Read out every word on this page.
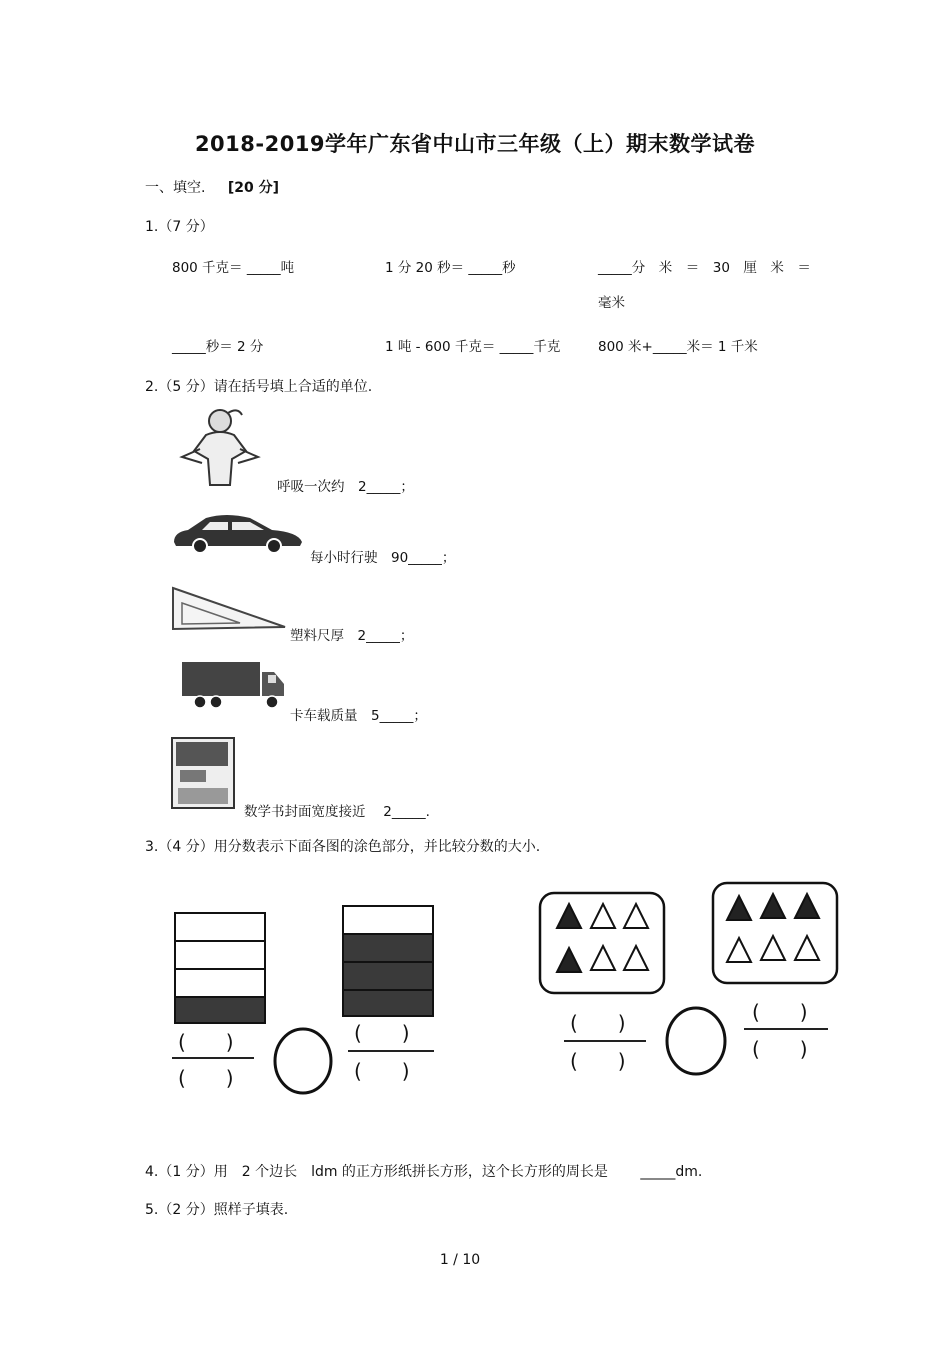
2018-2019学年广东省中山市三年级（上）期末数学试卷
一、填空. [20 分]
1.（7 分）
800 千克＝ _____吨	1 分 20 秒＝ _____秒	_____分　米　＝　30　厘　米　＝
毫米
_____秒＝ 2 分	1 吨 - 600 千克＝ _____千克	800 米+_____米＝ 1 千米
2.（5 分）请在括号填上合适的单位.
呼吸一次约　2_____；
每小时行驶　90_____；
塑料尺厚　2_____；
卡车载质量　5_____；
数学书封面宽度接近　 2_____.
3.（4 分）用分数表示下面各图的涂色部分，并比较分数的大小.
(　　)
(　　)
(　　)
(　　)
(　　)
(　　)
(　　)
(　　)
4.（1 分）用　2 个边长　ldm 的正方形纸拼长方形，这个长方形的周长是　　 _____dm.
5.（2 分）照样子填表.
1 / 10
